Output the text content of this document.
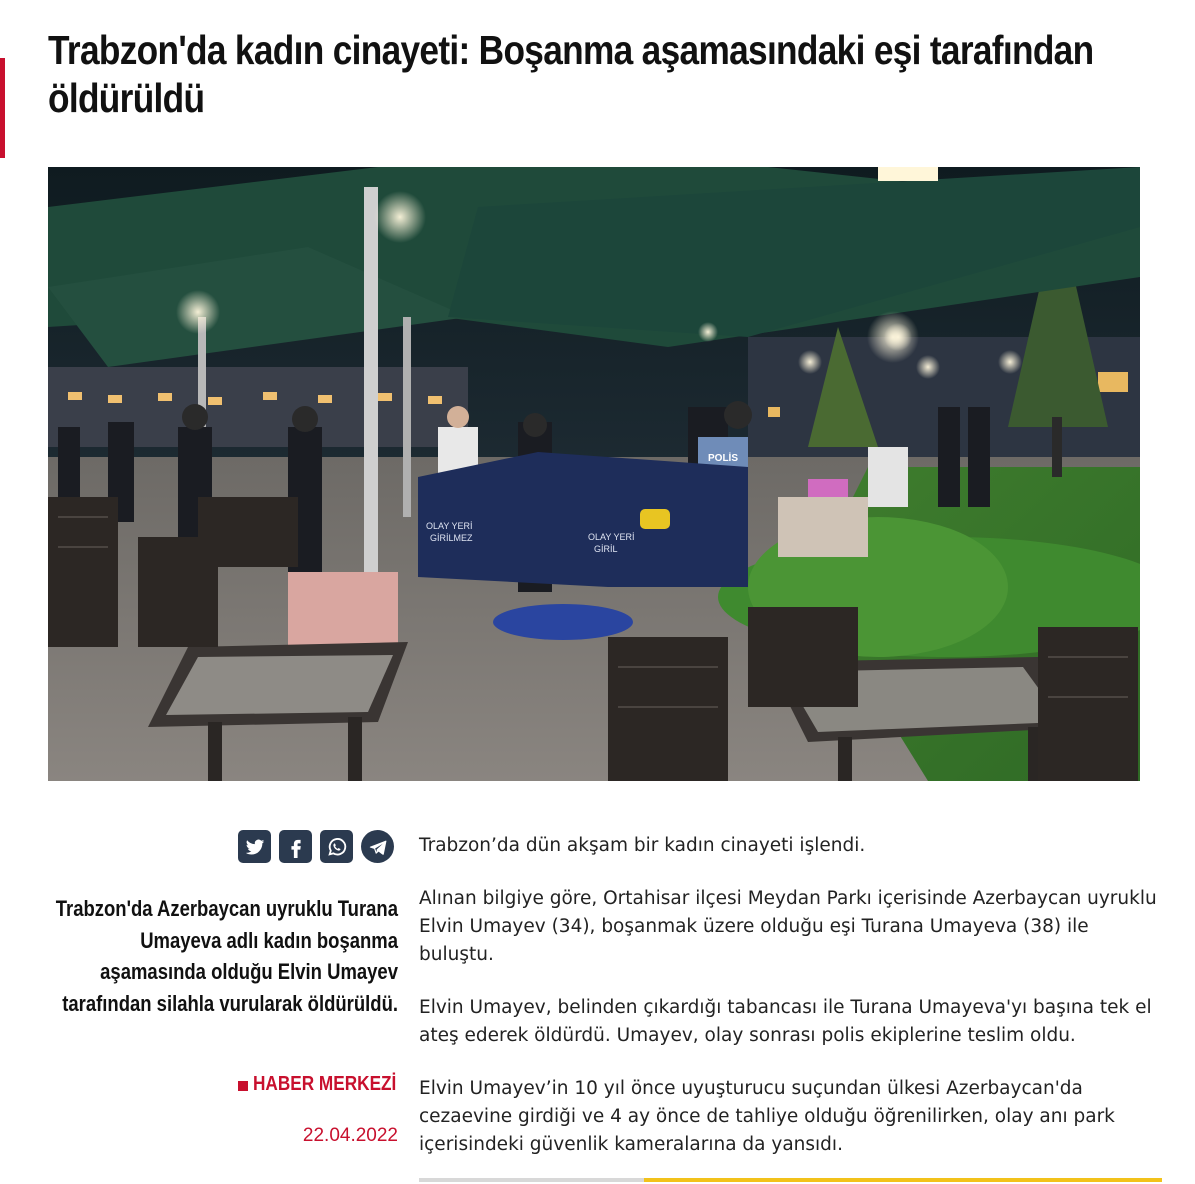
Trabzon'da kadın cinayeti: Boşanma aşamasındaki eşi tarafından öldürüldü
POLİS
OLAY YERİ
GİRİLMEZ	OLAY YERİ
GİRİL

Trabzon'da Azerbaycan uyruklu Turana Umayeva adlı kadın boşanma aşamasında olduğu Elvin Umayev tarafından silahla vurularak öldürüldü.

HABER MERKEZİ
22.04.2022

Trabzon’da dün akşam bir kadın cinayeti işlendi.

Alınan bilgiye göre, Ortahisar ilçesi Meydan Parkı içerisinde Azerbaycan uyruklu Elvin Umayev (34), boşanmak üzere olduğu eşi Turana Umayeva (38) ile buluştu.

Elvin Umayev, belinden çıkardığı tabancası ile Turana Umayeva'yı başına tek el ateş ederek öldürdü. Umayev, olay sonrası polis ekiplerine teslim oldu.

Elvin Umayev’in 10 yıl önce uyuşturucu suçundan ülkesi Azerbaycan'da cezaevine girdiği ve 4 ay önce de tahliye olduğu öğrenilirken, olay anı park içerisindeki güvenlik kameralarına da yansıdı.
